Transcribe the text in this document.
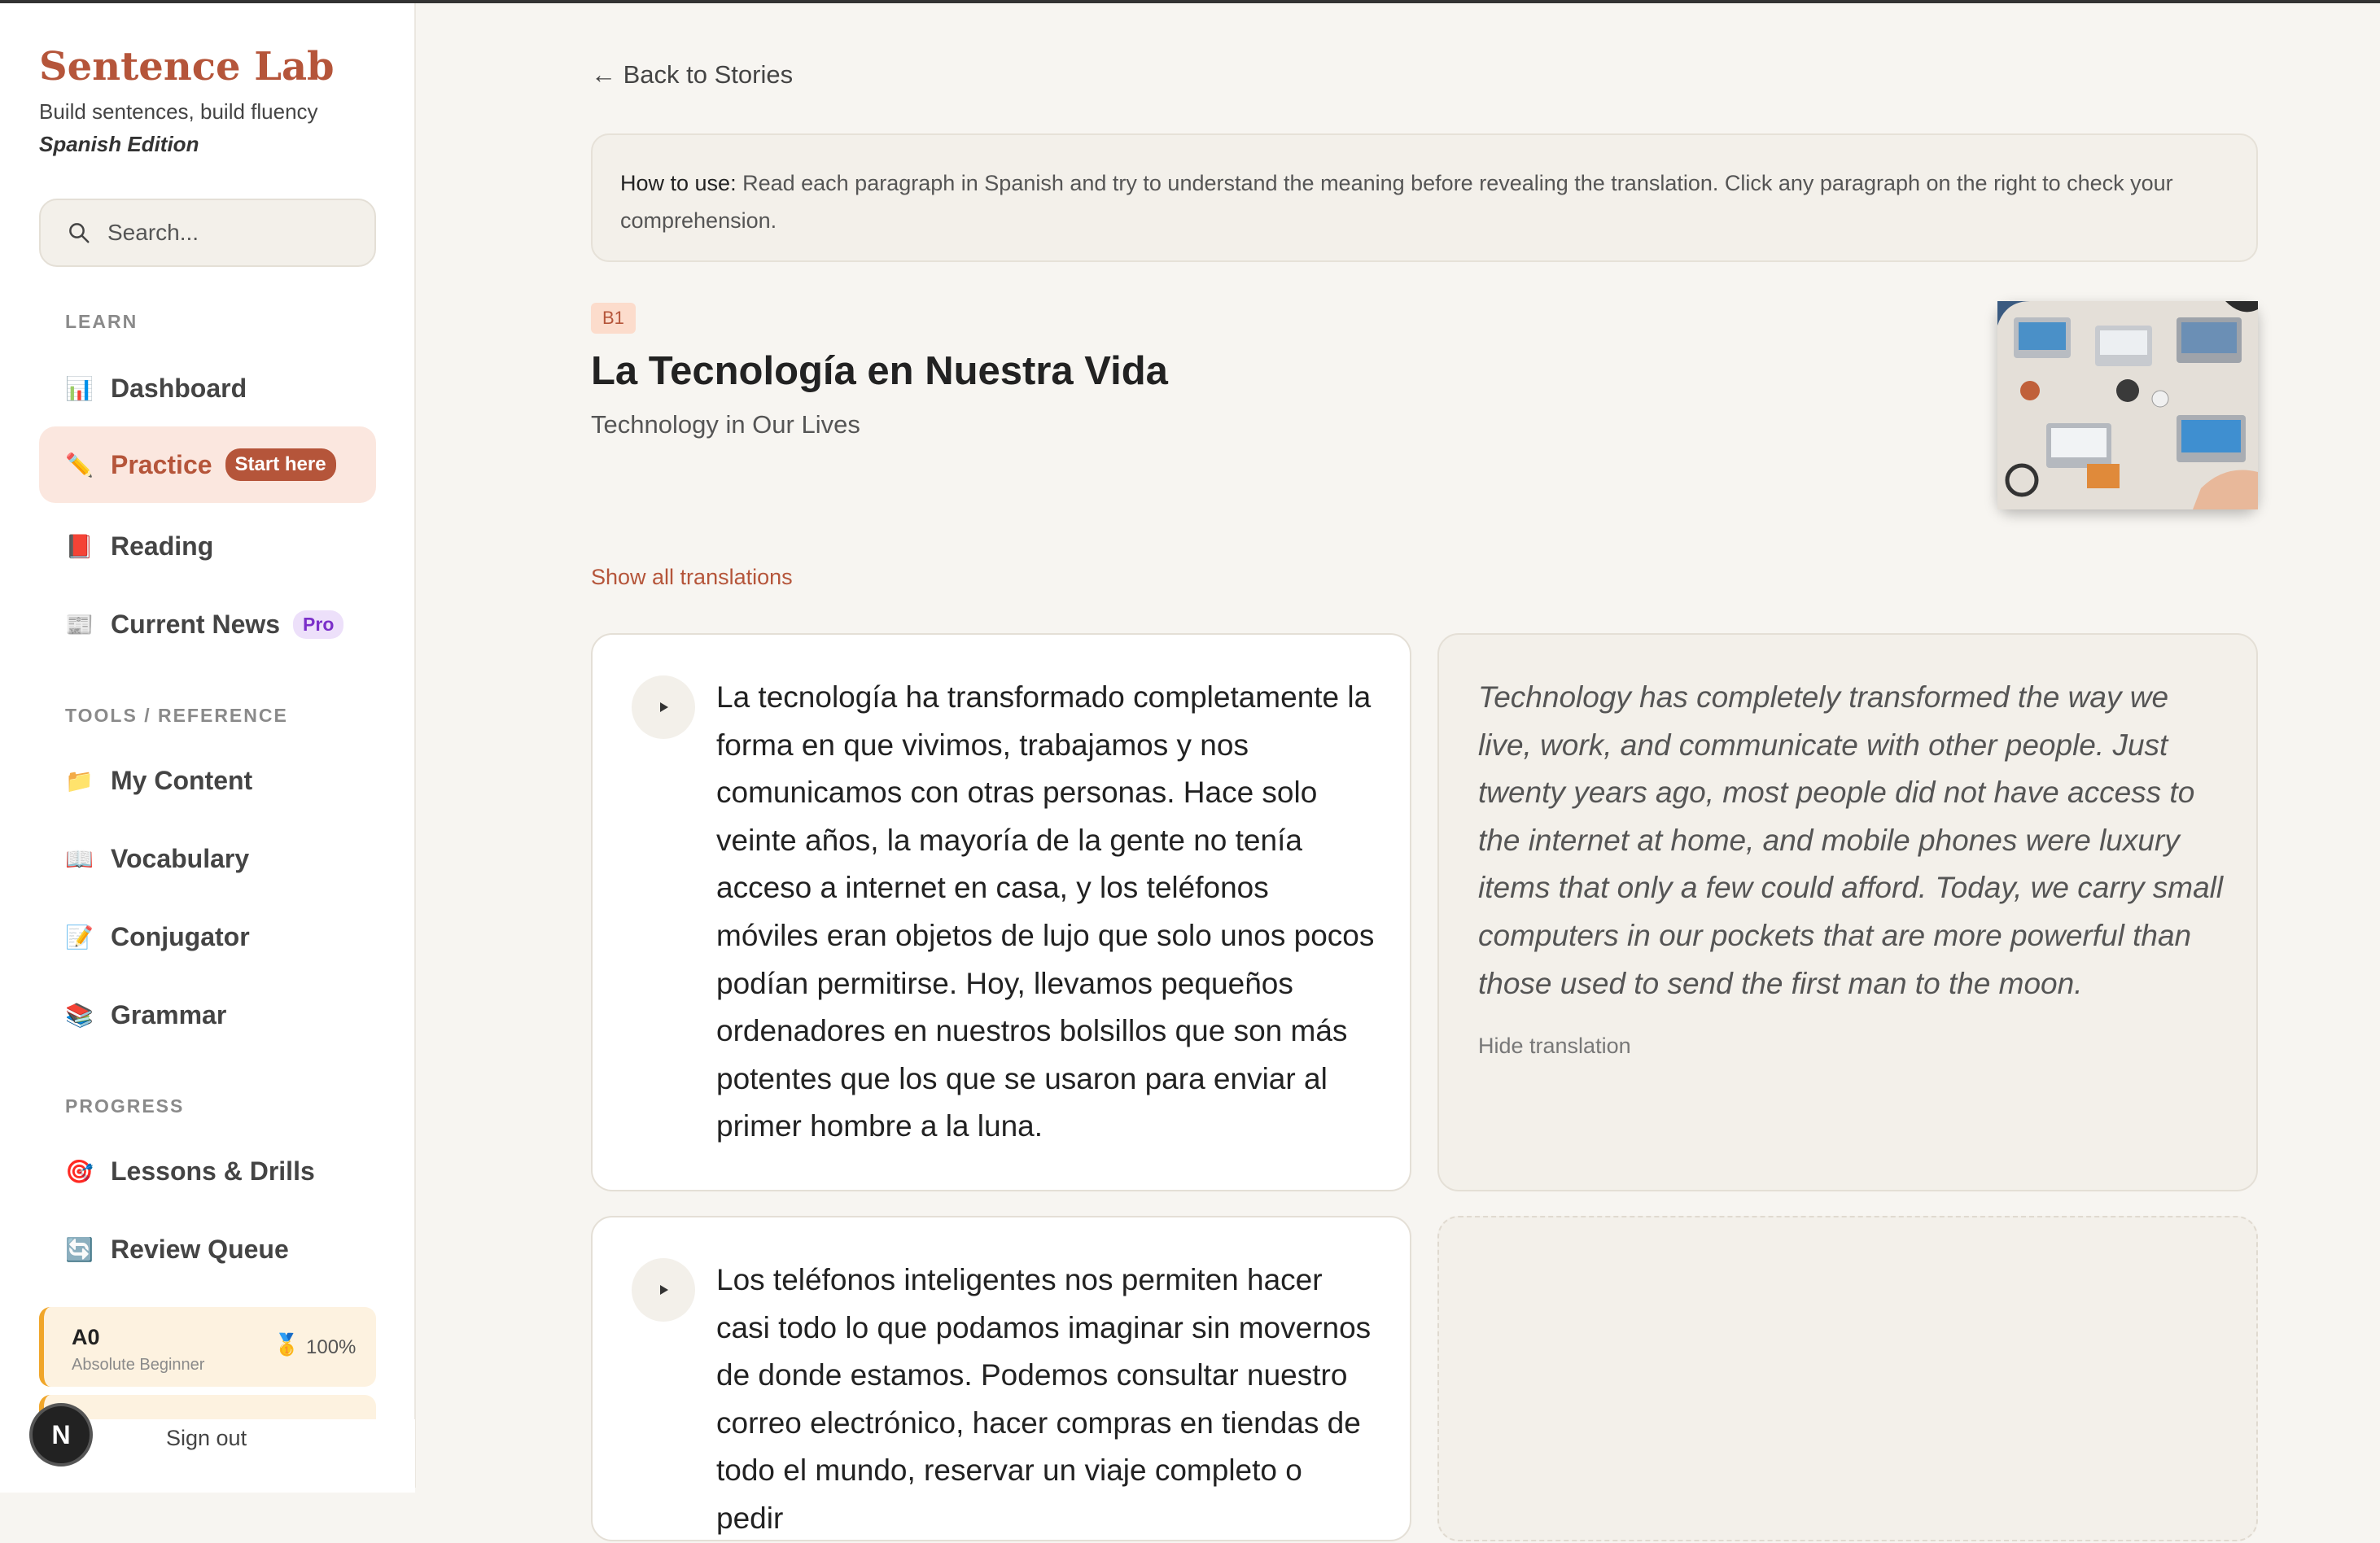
Sentence Lab
Build sentences, build fluency
Spanish Edition
Search...
LEARN
📊 Dashboard
✏️ Practice	Start here
📕 Reading
📰 Current News	Pro
TOOLS / REFERENCE
📁 My Content
📖 Vocabulary
📝 Conjugator
📚 Grammar
PROGRESS
🎯 Lessons & Drills
🔄 Review Queue
A0
Absolute Beginner
🥇 100%
N	Sign out
← Back to Stories
How to use: Read each paragraph in Spanish and try to understand the meaning before revealing the translation. Click any paragraph on the right to check your comprehension.
B1
La Tecnología en Nuestra Vida
Technology in Our Lives
Show all translations
La tecnología ha transformado completamente la forma en que vivimos, trabajamos y nos comunicamos con otras personas. Hace solo veinte años, la mayoría de la gente no tenía acceso a internet en casa, y los teléfonos móviles eran objetos de lujo que solo unos pocos podían permitirse. Hoy, llevamos pequeños ordenadores en nuestros bolsillos que son más potentes que los que se usaron para enviar al primer hombre a la luna.
Technology has completely transformed the way we live, work, and communicate with other people. Just twenty years ago, most people did not have access to the internet at home, and mobile phones were luxury items that only a few could afford. Today, we carry small computers in our pockets that are more powerful than those used to send the first man to the moon.
Hide translation
Los teléfonos inteligentes nos permiten hacer casi todo lo que podamos imaginar sin movernos de donde estamos. Podemos consultar nuestro correo electrónico, hacer compras en tiendas de todo el mundo, reservar un viaje completo o pedir
